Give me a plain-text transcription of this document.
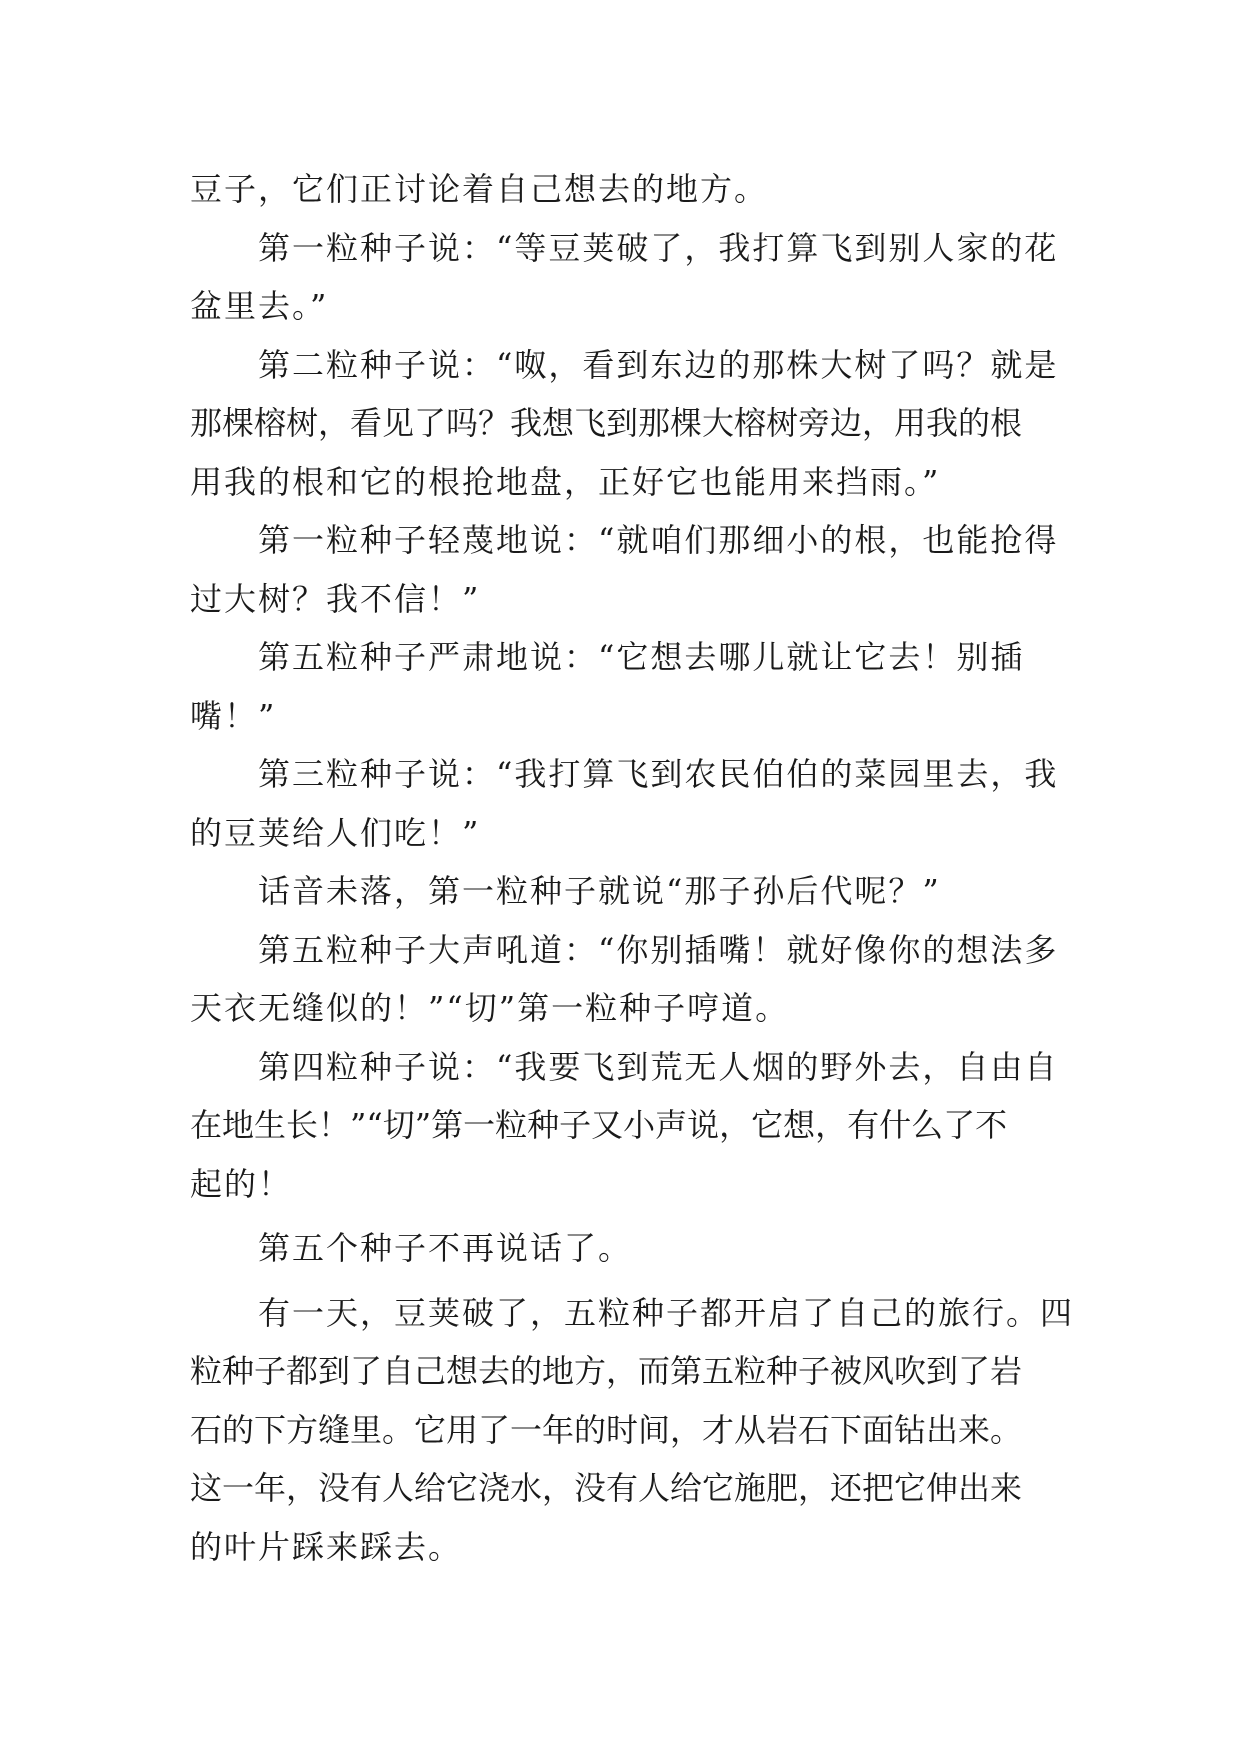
豆子，它们正讨论着自己想去的地方。
第一粒种子说：“等豆荚破了，我打算飞到别人家的花
盆里去。”
第二粒种子说：“呶，看到东边的那株大树了吗？就是
那棵榕树，看见了吗？我想飞到那棵大榕树旁边，用我的根
用我的根和它的根抢地盘，正好它也能用来挡雨。”
第一粒种子轻蔑地说：“就咱们那细小的根，也能抢得
过大树？我不信！”
第五粒种子严肃地说：“它想去哪儿就让它去！别插
嘴！”
第三粒种子说：“我打算飞到农民伯伯的菜园里去，我
的豆荚给人们吃！”
话音未落，第一粒种子就说“那子孙后代呢？”
第五粒种子大声吼道：“你别插嘴！就好像你的想法多
天衣无缝似的！”“切”第一粒种子哼道。
第四粒种子说：“我要飞到荒无人烟的野外去，自由自
在地生长！”“切”第一粒种子又小声说，它想，有什么了不
起的！
第五个种子不再说话了。
有一天，豆荚破了，五粒种子都开启了自己的旅行。四
粒种子都到了自己想去的地方，而第五粒种子被风吹到了岩
石的下方缝里。它用了一年的时间，才从岩石下面钻出来。
这一年，没有人给它浇水，没有人给它施肥，还把它伸出来
的叶片踩来踩去。
